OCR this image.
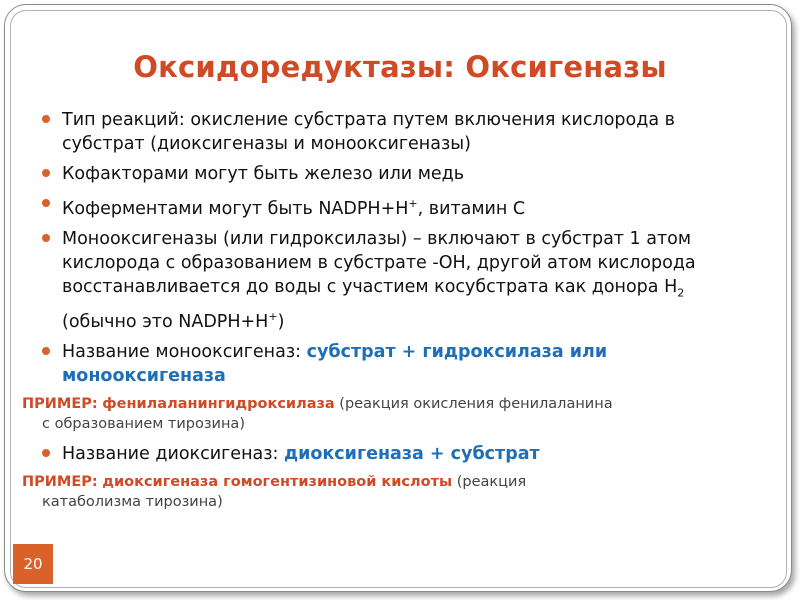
Оксидоредуктазы: Оксигеназы
Тип реакций: окисление субстрата путем включения кислорода в субстрат (диоксигеназы и монооксигеназы)
Кофакторами могут быть железо или медь
Коферментами могут быть NADPH+H+, витамин C
Монооксигеназы (или гидроксилазы) – включают в субстрат 1 атом кислорода с образованием в субстрате -OH, другой атом кислорода восстанавливается до воды с участием косубстрата как донора $Н_2$ (обычно это NADPH+H+)
Название монооксигеназ: субстрат + гидроксилаза или монооксигеназа
ПРИМЕР: фенилаланингидроксилаза (реакция окисления фенилаланина
с образованием тирозина)
Название диоксигеназ: диоксигеназа + субстрат
ПРИМЕР: диоксигеназа гомогентизиновой кислоты (реакция
катаболизма тирозина)
20
